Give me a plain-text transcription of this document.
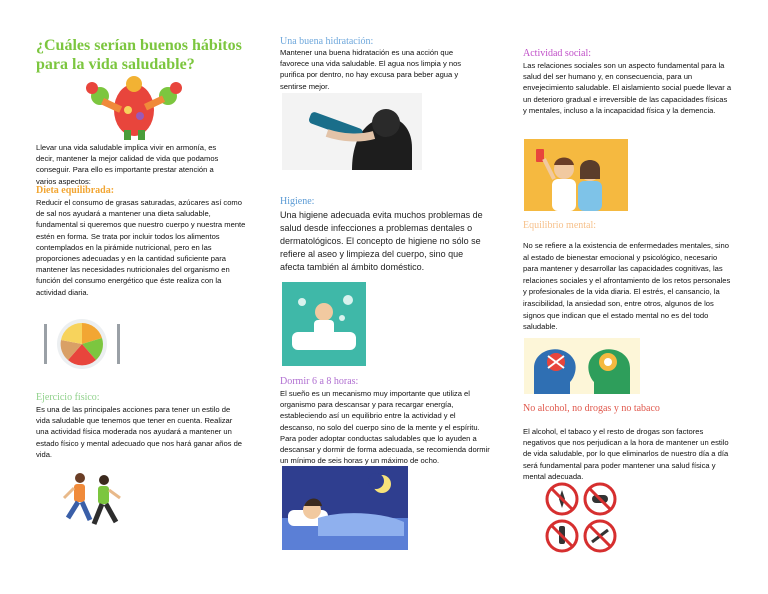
¿Cuáles serían buenos hábitos para la vida saludable?
Llevar una vida saludable implica vivir en armonía, es decir, mantener la mejor calidad de vida que podamos conseguir. Para ello es importante prestar atención a varios aspectos:
Dieta equilibrada:
Reducir el consumo de grasas saturadas, azúcares así como de sal nos ayudará a mantener una dieta saludable, fundamental si queremos que nuestro cuerpo y nuestra mente estén en forma. Se trata por incluir todos los alimentos contemplados en la pirámide nutricional, pero en las proporciones adecuadas y en la cantidad suficiente para mantener las necesidades nutricionales del organismo en función del consumo energético que éste realiza con la actividad diaria.
Ejercicio físico:
Es una de las principales acciones para tener un estilo de vida saludable que tenemos que tener en cuenta. Realizar una actividad física moderada nos ayudará a mantener un estado físico y mental adecuado que nos hará ganar años de vida.
Una buena hidratación:
Mantener una buena hidratación es una acción que favorece una vida saludable. El agua nos limpia y nos purifica por dentro, no hay excusa para beber agua y sentirse mejor.
Higiene:
Una higiene adecuada evita muchos problemas de salud desde infecciones a problemas dentales o dermatológicos. El concepto de higiene no sólo se refiere al aseo y limpieza del cuerpo, sino que afecta también al ámbito doméstico.
Dormir 6 a 8 horas:
El sueño es un mecanismo muy importante que utiliza el organismo para descansar y para recargar energía, estableciendo así un equilibrio entre la actividad y el descanso, no solo del cuerpo sino de la mente y el espíritu. Para poder adoptar conductas saludables que lo ayuden a descansar y dormir de forma adecuada, se recomienda dormir un mínimo de seis horas y un máximo de ocho.
Actividad social:
Las relaciones sociales son un aspecto fundamental para la salud del ser humano y, en consecuencia, para un envejecimiento saludable. El aislamiento social puede llevar a un deterioro gradual e irreversible de las capacidades físicas y mentales, incluso a la incapacidad física y la demencia.
Equilibrio mental:
No se refiere a la existencia de enfermedades mentales, sino al estado de bienestar emocional y psicológico, necesario para mantener y desarrollar las capacidades cognitivas, las relaciones sociales y el afrontamiento de los retos personales y profesionales de la vida diaria. El estrés, el cansancio, la irascibilidad, la ansiedad son, entre otros, algunos de los signos que indican que el estado mental no es del todo saludable.
No alcohol, no drogas y no tabaco
El alcohol, el tabaco y el resto de drogas son factores negativos que nos perjudican a la hora de mantener un estilo de vida saludable, por lo que eliminarlos de nuestro día a día será fundamental para poder mantener una salud física y mental adecuada.
